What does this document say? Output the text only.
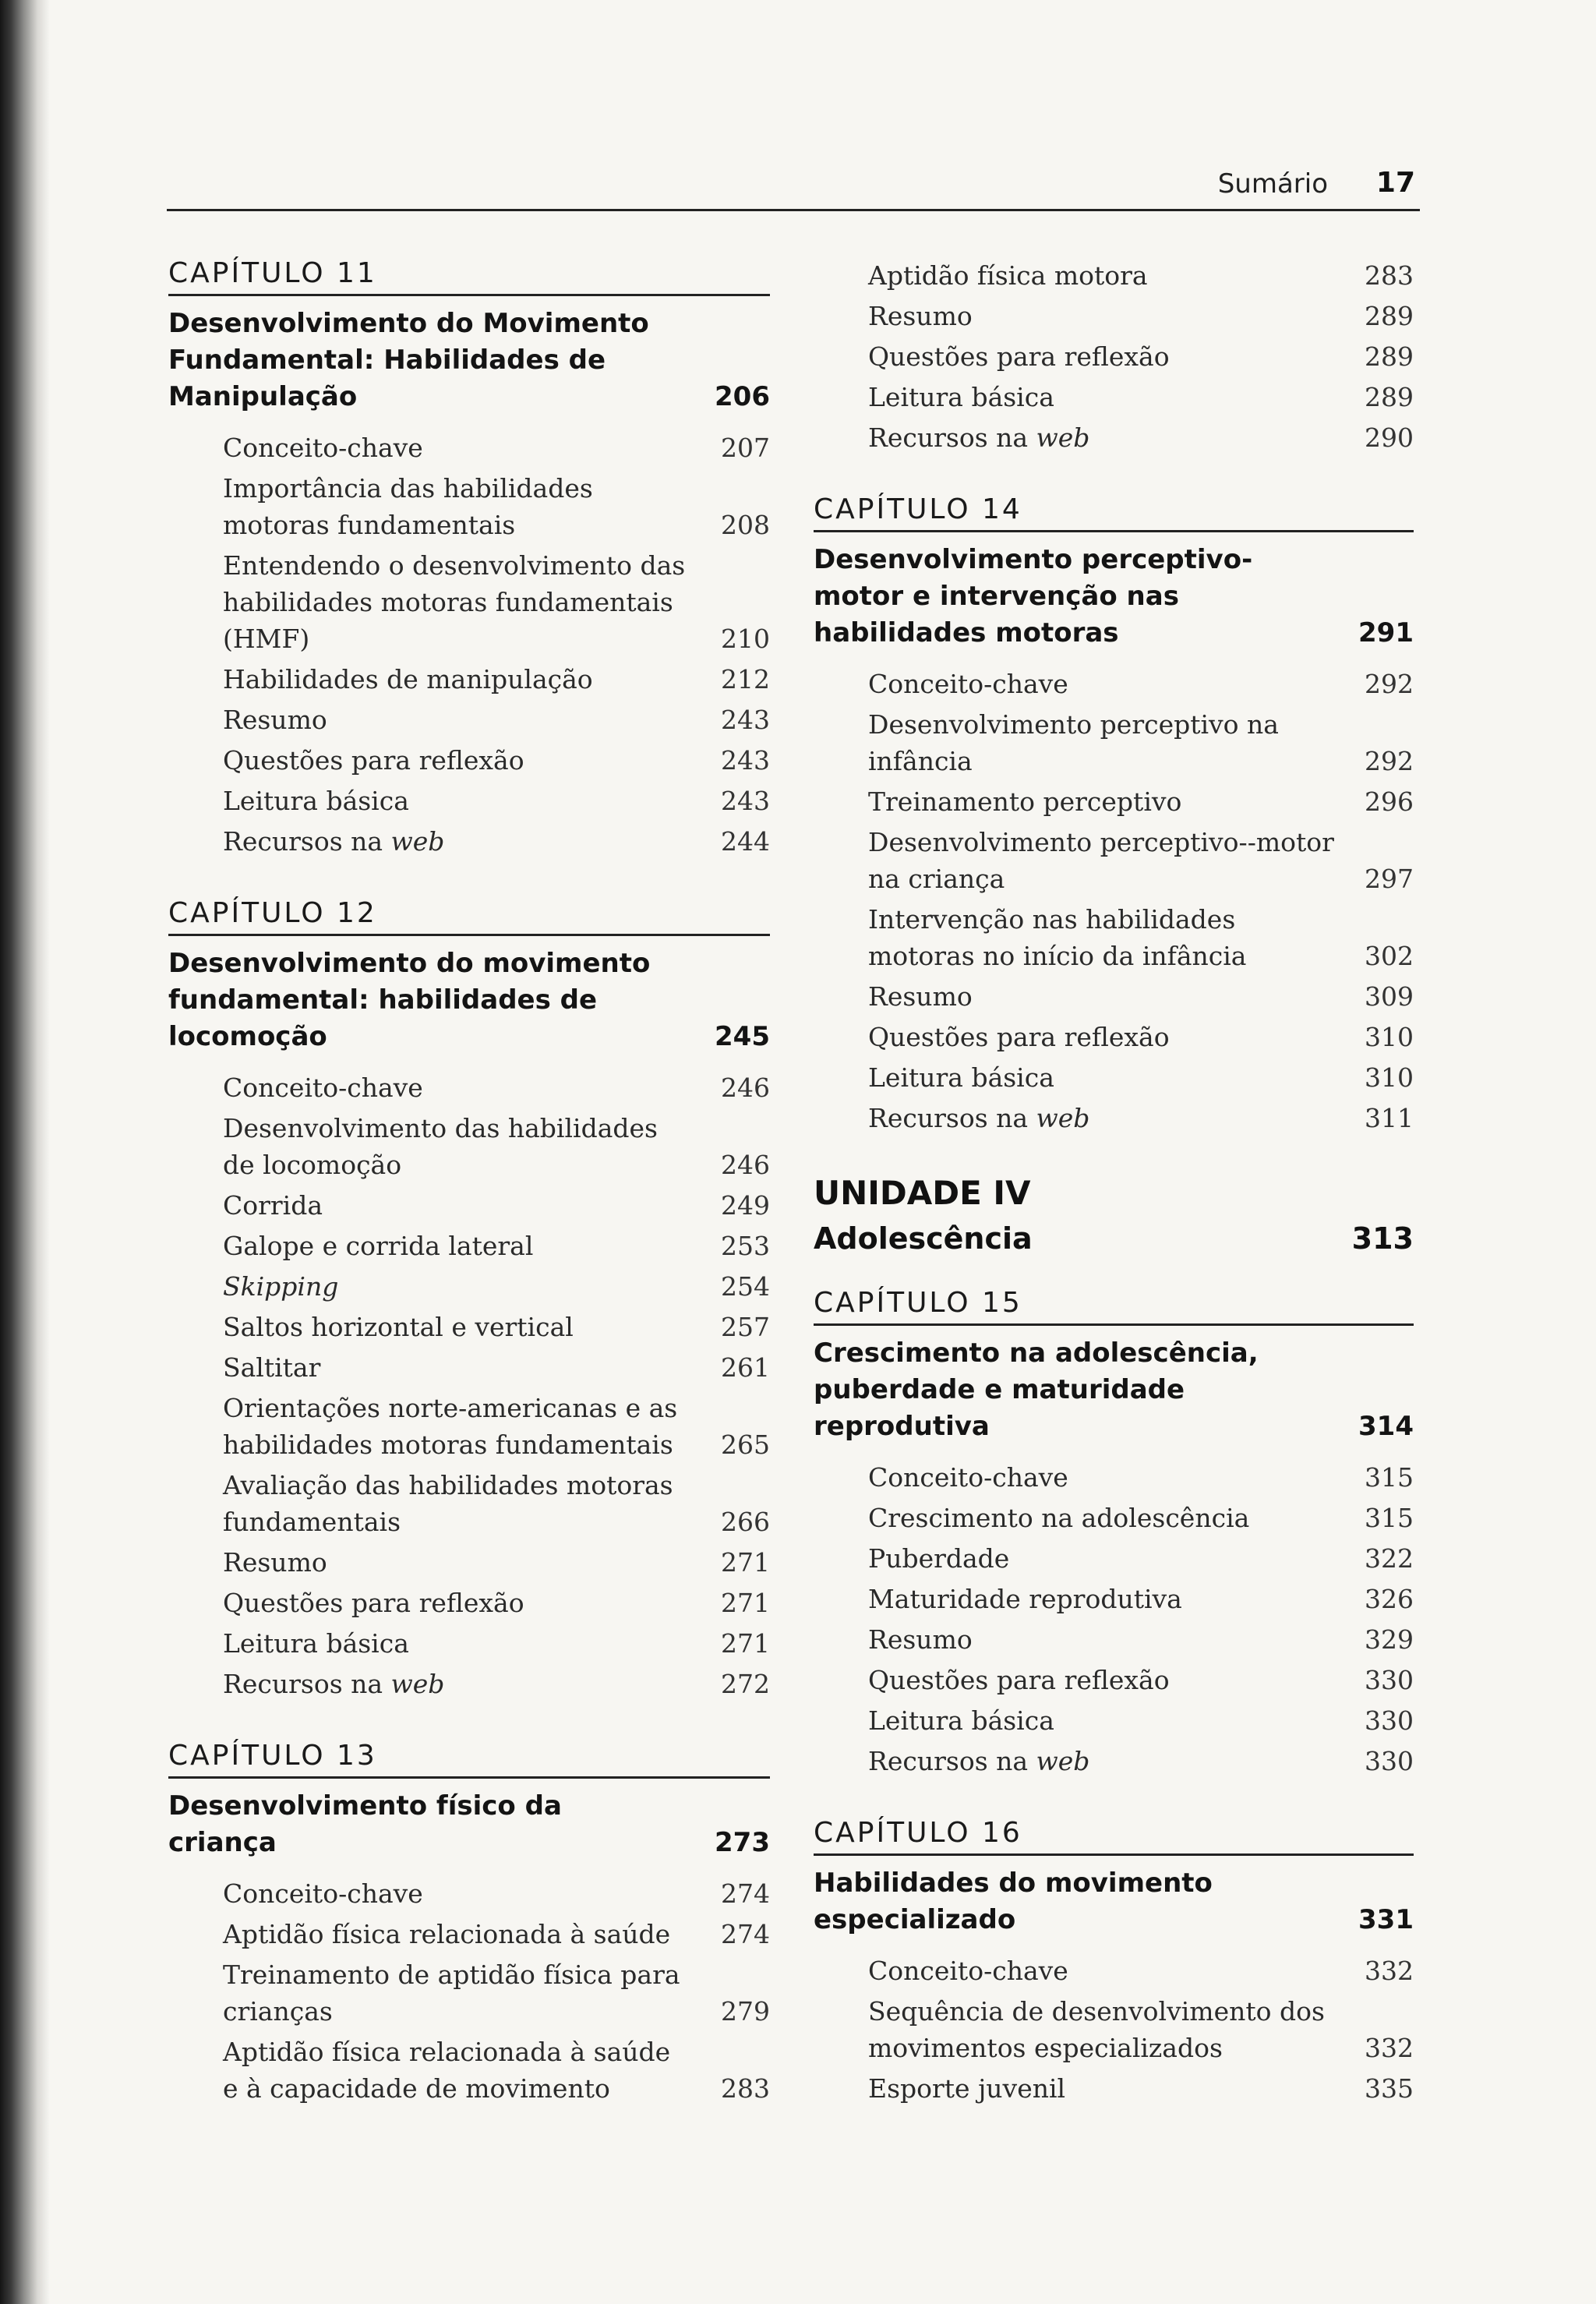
Sumário 17
CAPÍTULO 11
Desenvolvimento do Movimento Fundamental: Habilidades de Manipulação	206
Conceito-chave	207
Importância das habilidades motoras fundamentais	208
Entendendo o desenvolvimento das habilidades motoras fundamentais (HMF)	210
Habilidades de manipulação	212
Resumo	243
Questões para reflexão	243
Leitura básica	243
Recursos na web	244
CAPÍTULO 12
Desenvolvimento do movimento fundamental: habilidades de locomoção	245
Conceito-chave	246
Desenvolvimento das habilidades de locomoção	246
Corrida	249
Galope e corrida lateral	253
Skipping	254
Saltos horizontal e vertical	257
Saltitar	261
Orientações norte-americanas e as habilidades motoras fundamentais	265
Avaliação das habilidades motoras fundamentais	266
Resumo	271
Questões para reflexão	271
Leitura básica	271
Recursos na web	272
CAPÍTULO 13
Desenvolvimento físico da criança	273
Conceito-chave	274
Aptidão física relacionada à saúde	274
Treinamento de aptidão física para crianças	279
Aptidão física relacionada à saúde e à capacidade de movimento	283
Aptidão física motora	283
Resumo	289
Questões para reflexão	289
Leitura básica	289
Recursos na web	290
CAPÍTULO 14
Desenvolvimento perceptivo-motor e intervenção nas habilidades motoras	291
Conceito-chave	292
Desenvolvimento perceptivo na infância	292
Treinamento perceptivo	296
Desenvolvimento perceptivo--motor na criança	297
Intervenção nas habilidades motoras no início da infância	302
Resumo	309
Questões para reflexão	310
Leitura básica	310
Recursos na web	311
UNIDADE IV
Adolescência	313
CAPÍTULO 15
Crescimento na adolescência, puberdade e maturidade reprodutiva	314
Conceito-chave	315
Crescimento na adolescência	315
Puberdade	322
Maturidade reprodutiva	326
Resumo	329
Questões para reflexão	330
Leitura básica	330
Recursos na web	330
CAPÍTULO 16
Habilidades do movimento especializado	331
Conceito-chave	332
Sequência de desenvolvimento dos movimentos especializados	332
Esporte juvenil	335
